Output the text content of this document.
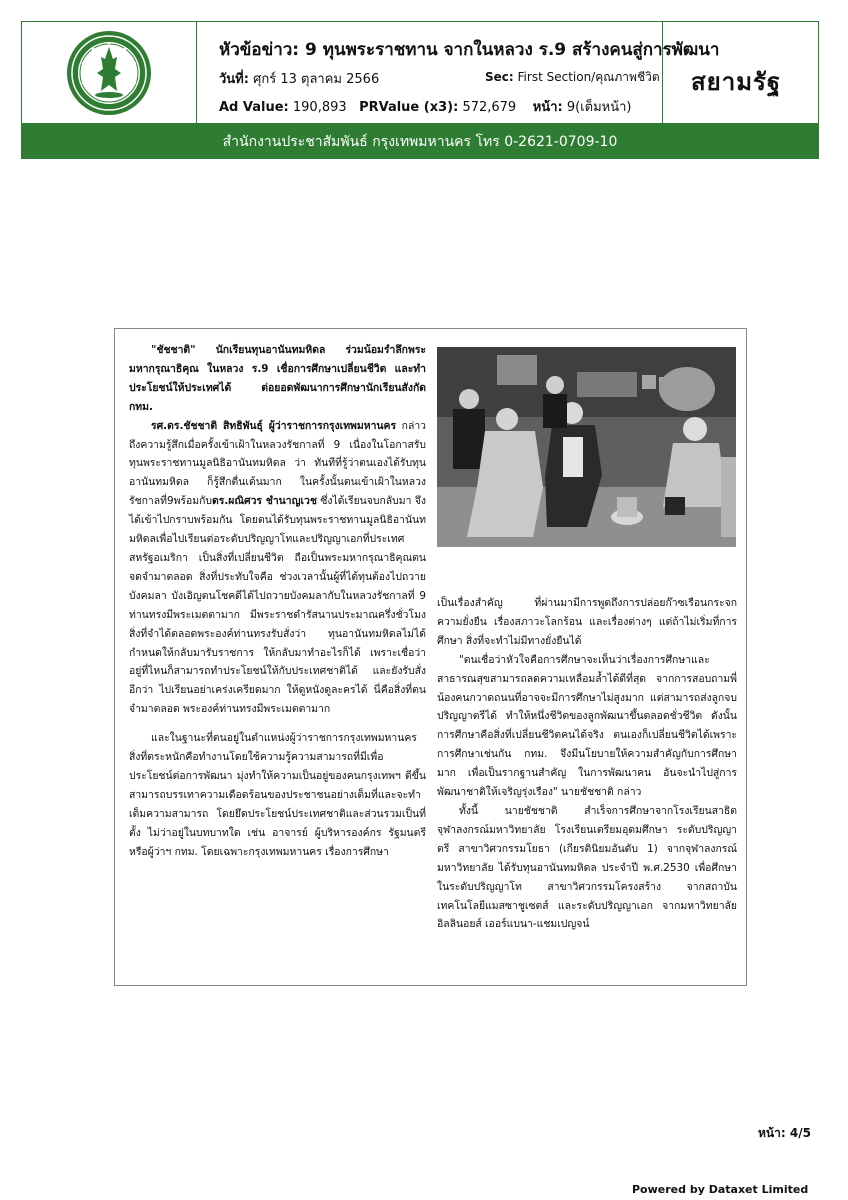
หัวข้อข่าว: 9 ทุนพระราชทาน จากในหลวง ร.9 สร้างคนสู่การพัฒนา
วันที่: ศุกร์ 13 ตุลาคม 2566	Sec: First Section/คุณภาพชีวิต
Ad Value: 190,893 PRValue (x3): 572,679 หน้า: 9(เต็มหน้า)
สยามรัฐ
สำนักงานประชาสัมพันธ์ กรุงเทพมหานคร โทร 0-2621-0709-10

"ชัชชาติ" นักเรียนทุนอานันทมหิดล ร่วมน้อมรำลึกพระมหากรุณาธิคุณ ในหลวง ร.9 เชื่อการศึกษาเปลี่ยนชีวิต และทำประโยชน์ให้ประเทศได้ ต่อยอดพัฒนาการศึกษานักเรียนสังกัด กทม.

รศ.ดร.ชัชชาติ สิทธิพันธุ์ ผู้ว่าราชการกรุงเทพมหานคร กล่าวถึงความรู้สึกเมื่อครั้งเข้าเฝ้าในหลวงรัชกาลที่ 9 เนื่องในโอกาสรับทุนพระราชทานมูลนิธิอานันทมหิดล ว่า ทันทีที่รู้ว่าตนเองได้รับทุนอานันทมหิดล ก็รู้สึกตื่นเต้นมาก ในครั้งนั้นตนเข้าเฝ้าในหลวงรัชกาลที่9พร้อมกับดร.ผณิศวร ชำนาญเวช ซึ่งได้เรียนจบกลับมา จึงได้เข้าไปกราบพร้อมกัน โดยตนได้รับทุนพระราชทานมูลนิธิอานันทมหิดลเพื่อไปเรียนต่อระดับปริญญาโทและปริญญาเอกที่ประเทศสหรัฐอเมริกา เป็นสิ่งที่เปลี่ยนชีวิต ถือเป็นพระมหากรุณาธิคุณตนจดจำมาตลอด สิ่งที่ประทับใจคือ ช่วงเวลานั้นผู้ที่ได้ทุนต้องไปถวายบังคมลา บังเอิญตนโชคดีได้ไปถวายบังคมลากับในหลวงรัชกาลที่ 9 ท่านทรงมีพระเมตตามาก มีพระราชดำรัสนานประมาณครึ่งชั่วโมง สิ่งที่จำได้ตลอดพระองค์ท่านทรงรับสั่งว่า ทุนอานันทมหิดลไม่ได้กำหนดให้กลับมารับราชการ ให้กลับมาทำอะไรก็ได้ เพราะเชื่อว่าอยู่ที่ไหนก็สามารถทำประโยชน์ให้กับประเทศชาติได้ และยังรับสั่งอีกว่า ไปเรียนอย่าเคร่งเครียดมาก ให้ดูหนังดูละครได้ นี่คือสิ่งที่ตนจำมาตลอด พระองค์ท่านทรงมีพระเมตตามาก

และในฐานะที่ตนอยู่ในตำแหน่งผู้ว่าราชการกรุงเทพมหานคร สิ่งที่ตระหนักคือทำงานโดยใช้ความรู้ความสามารถที่มีเพื่อประโยชน์ต่อการพัฒนา มุ่งทำให้ความเป็นอยู่ของคนกรุงเทพฯ ดีขึ้น สามารถบรรเทาความเดือดร้อนของประชาชนอย่างเต็มที่และจะทำเต็มความสามารถ โดยยึดประโยชน์ประเทศชาติและส่วนรวมเป็นที่ตั้ง ไม่ว่าอยู่ในบทบาทใด เช่น อาจารย์ ผู้บริหารองค์กร รัฐมนตรี หรือผู้ว่าฯ กทม. โดยเฉพาะกรุงเทพมหานคร เรื่องการศึกษา

เป็นเรื่องสำคัญ ที่ผ่านมามีการพูดถึงการปล่อยก๊าซเรือนกระจก ความยั่งยืน เรื่องสภาวะโลกร้อน และเรื่องต่างๆ แต่ถ้าไม่เริ่มที่การศึกษา สิ่งที่จะทำไม่มีทางยั่งยืนได้

"ตนเชื่อว่าหัวใจคือการศึกษาจะเห็นว่าเรื่องการศึกษาและสาธารณสุขสามารถลดความเหลื่อมล้ำได้ดีที่สุด จากการสอบถามพี่น้องคนกวาดถนนที่อาจจะมีการศึกษาไม่สูงมาก แต่สามารถส่งลูกจบปริญญาตรีได้ ทำให้หนึ่งชีวิตของลูกพัฒนาขึ้นตลอดชั่วชีวิต ดังนั้น การศึกษาคือสิ่งที่เปลี่ยนชีวิตคนได้จริง ตนเองก็เปลี่ยนชีวิตได้เพราะการศึกษาเช่นกัน กทม. จึงมีนโยบายให้ความสำคัญกับการศึกษามาก เพื่อเป็นรากฐานสำคัญ ในการพัฒนาคน อันจะนำไปสู่การพัฒนาชาติให้เจริญรุ่งเรือง" นายชัชชาติ กล่าว

ทั้งนี้ นายชัชชาติ สำเร็จการศึกษาจากโรงเรียนสาธิตจุฬาลงกรณ์มหาวิทยาลัย โรงเรียนเตรียมอุดมศึกษา ระดับปริญญาตรี สาขาวิศวกรรมโยธา (เกียรตินิยมอันดับ 1) จากจุฬาลงกรณ์มหาวิทยาลัย ได้รับทุนอานันทมหิดล ประจำปี พ.ศ.2530 เพื่อศึกษาในระดับปริญญาโท สาขาวิศวกรรมโครงสร้าง จากสถาบันเทคโนโลยีแมสซาชูเซตส์ และระดับปริญญาเอก จากมหาวิทยาลัยอิลลินอยส์ เออร์แบนา-แชมเปญจน์

หน้า: 4/5
Powered by Dataxet Limited
